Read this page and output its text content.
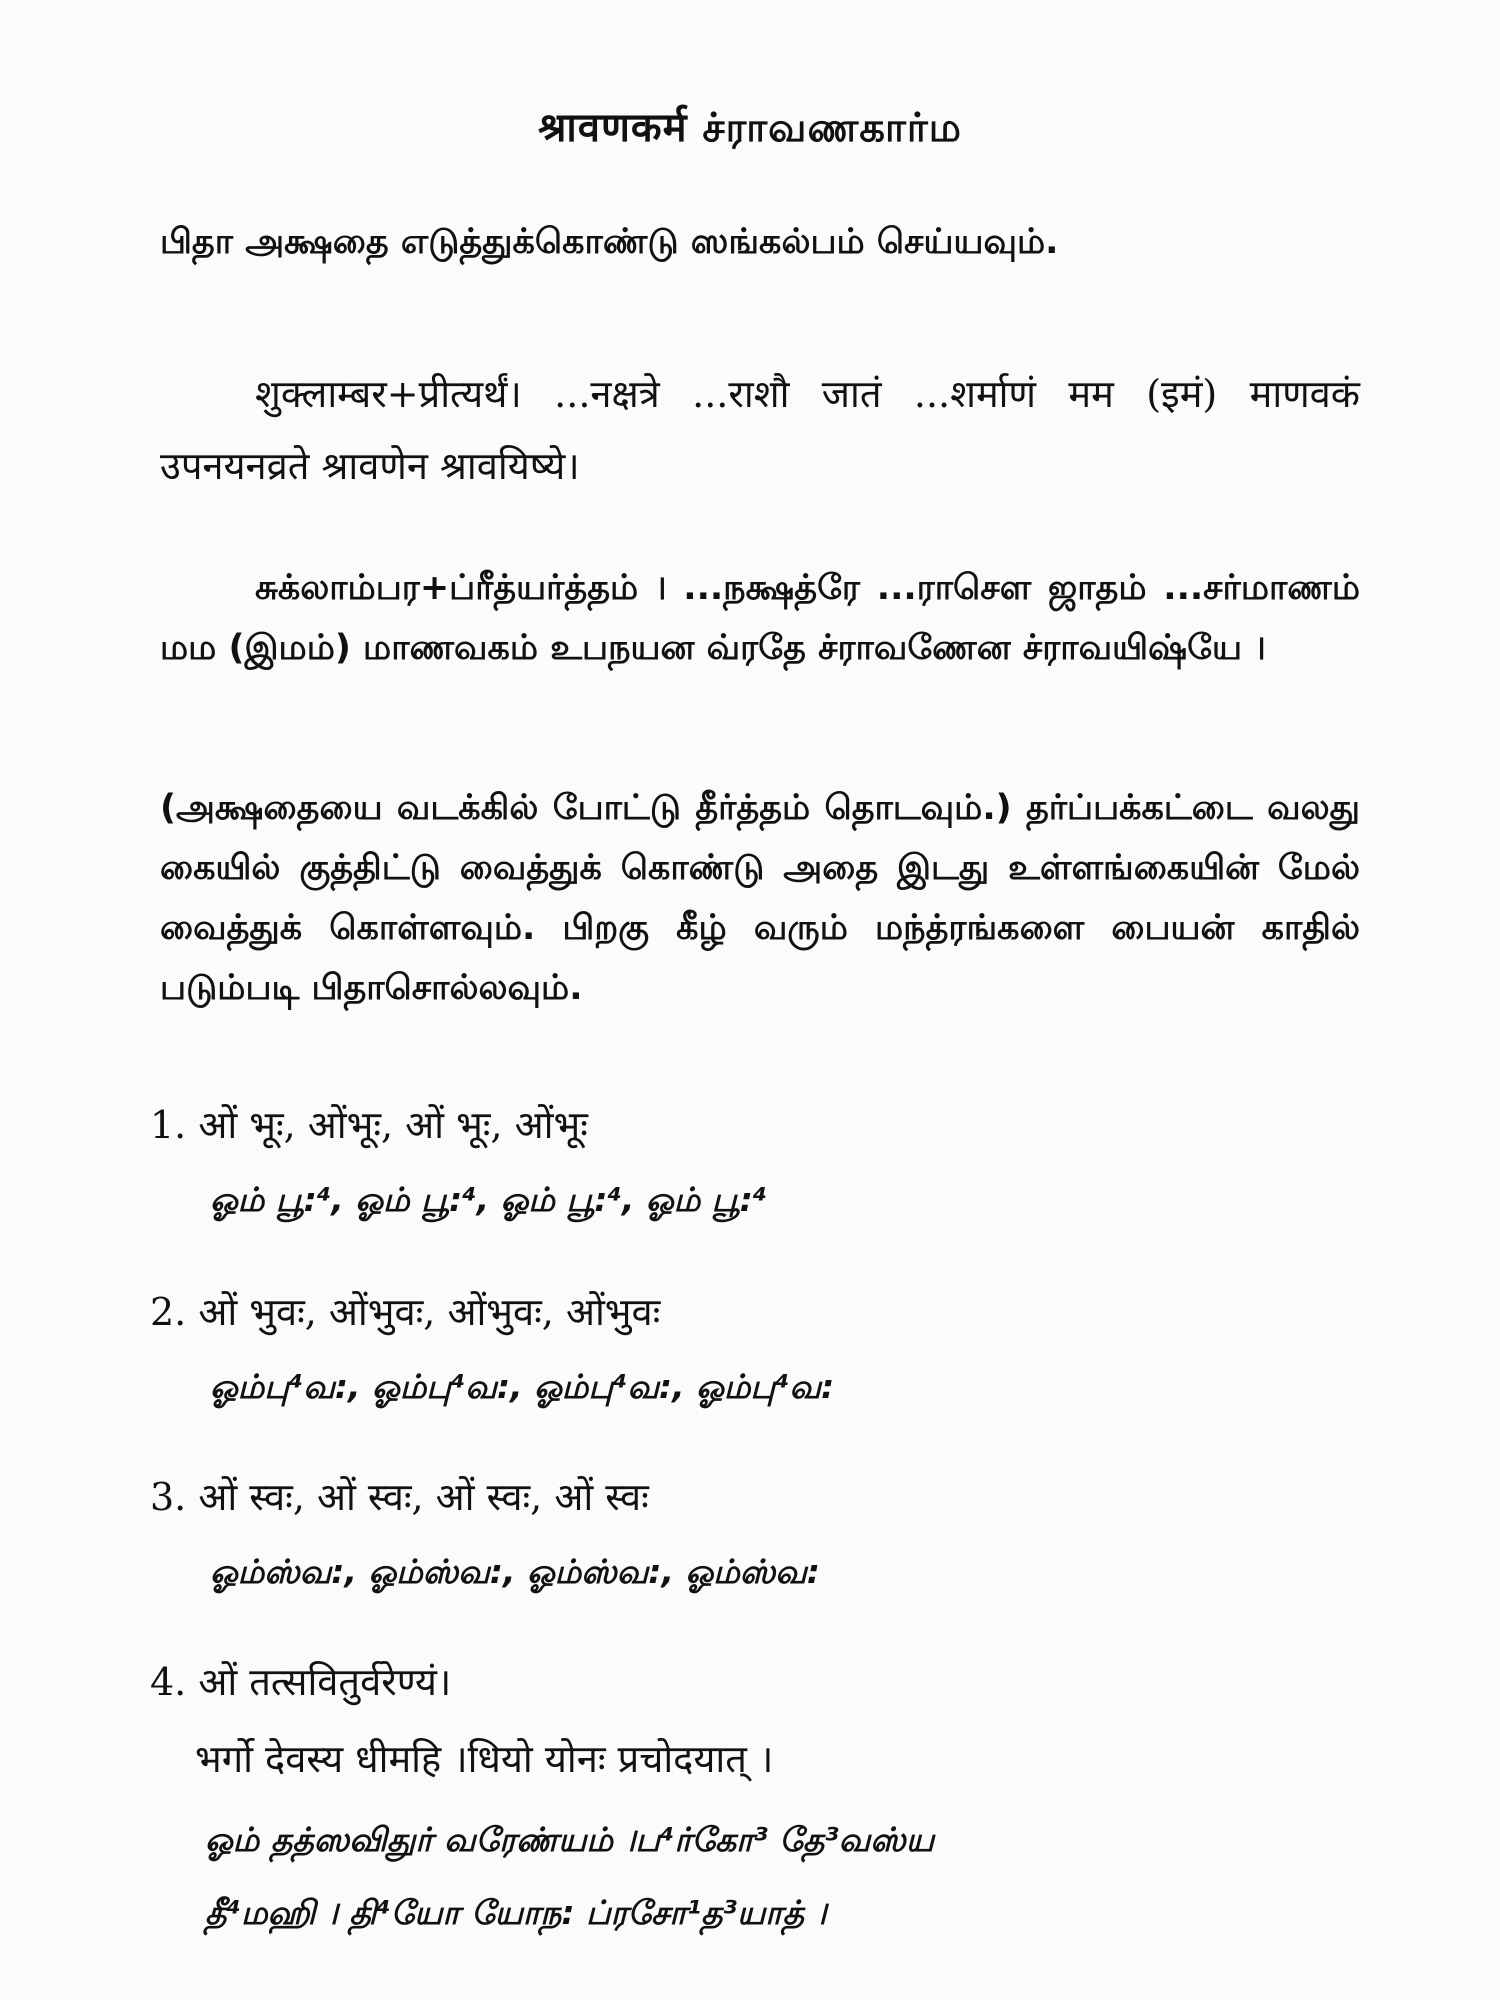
श्रावणकर्म ச்ராவணகார்ம
பிதா அக்ஷதை எடுத்துக்கொண்டு ஸங்கல்பம் செய்யவும்.
शुक्लाम्बर+प्रीत्यर्थं। ...नक्षत्रे ...राशौ जातं ...शर्माणं मम (इमं) माणवकं उपनयनव्रते श्रावणेन श्रावयिष्ये।
சுக்லாம்பர+ப்ரீத்யர்த்தம் । ...நக்ஷத்ரே ...ராசௌ ஜாதம் ...சர்மாணம் மம (இமம்) மாணவகம் உபநயன வ்ரதே ச்ராவணேன ச்ராவயிஷ்யே ।
(அக்ஷதையை வடக்கில் போட்டு தீர்த்தம் தொடவும்.) தர்ப்பக்கட்டை வலது கையில் குத்திட்டு வைத்துக் கொண்டு அதை இடது உள்ளங்கையின் மேல் வைத்துக் கொள்ளவும். பிறகு கீழ் வரும் மந்த்ரங்களை பையன் காதில் படும்படி பிதாசொல்லவும்.
1. ओं भूः, ओंभूः, ओं भूः, ओंभूः
ஓம் பூ:⁴, ஓம் பூ:⁴, ஓம் பூ:⁴, ஓம் பூ:⁴
2. ओं भुवः, ओंभुवः, ओंभुवः, ओंभुवः
ஓம்பு⁴வ:, ஓம்பு⁴வ:, ஓம்பு⁴வ:, ஓம்பு⁴வ:
3. ओं स्वः, ओं स्वः, ओं स्वः, ओं स्वः
ஓம்ஸ்வ:, ஓம்ஸ்வ:, ஓம்ஸ்வ:, ஓம்ஸ்வ:
4. ओं तत्सवितुर्वरेण्यं।
भर्गो देवस्य धीमहि ।धियो योनः प्रचोदयात् ।
ஓம் தத்ஸவிதுர் வரேண்யம் ।ப⁴ர்கோ³ தே³வஸ்ய
தீ⁴மஹி । தி⁴யோ யோந: ப்ரசோ¹த³யாத் ।
